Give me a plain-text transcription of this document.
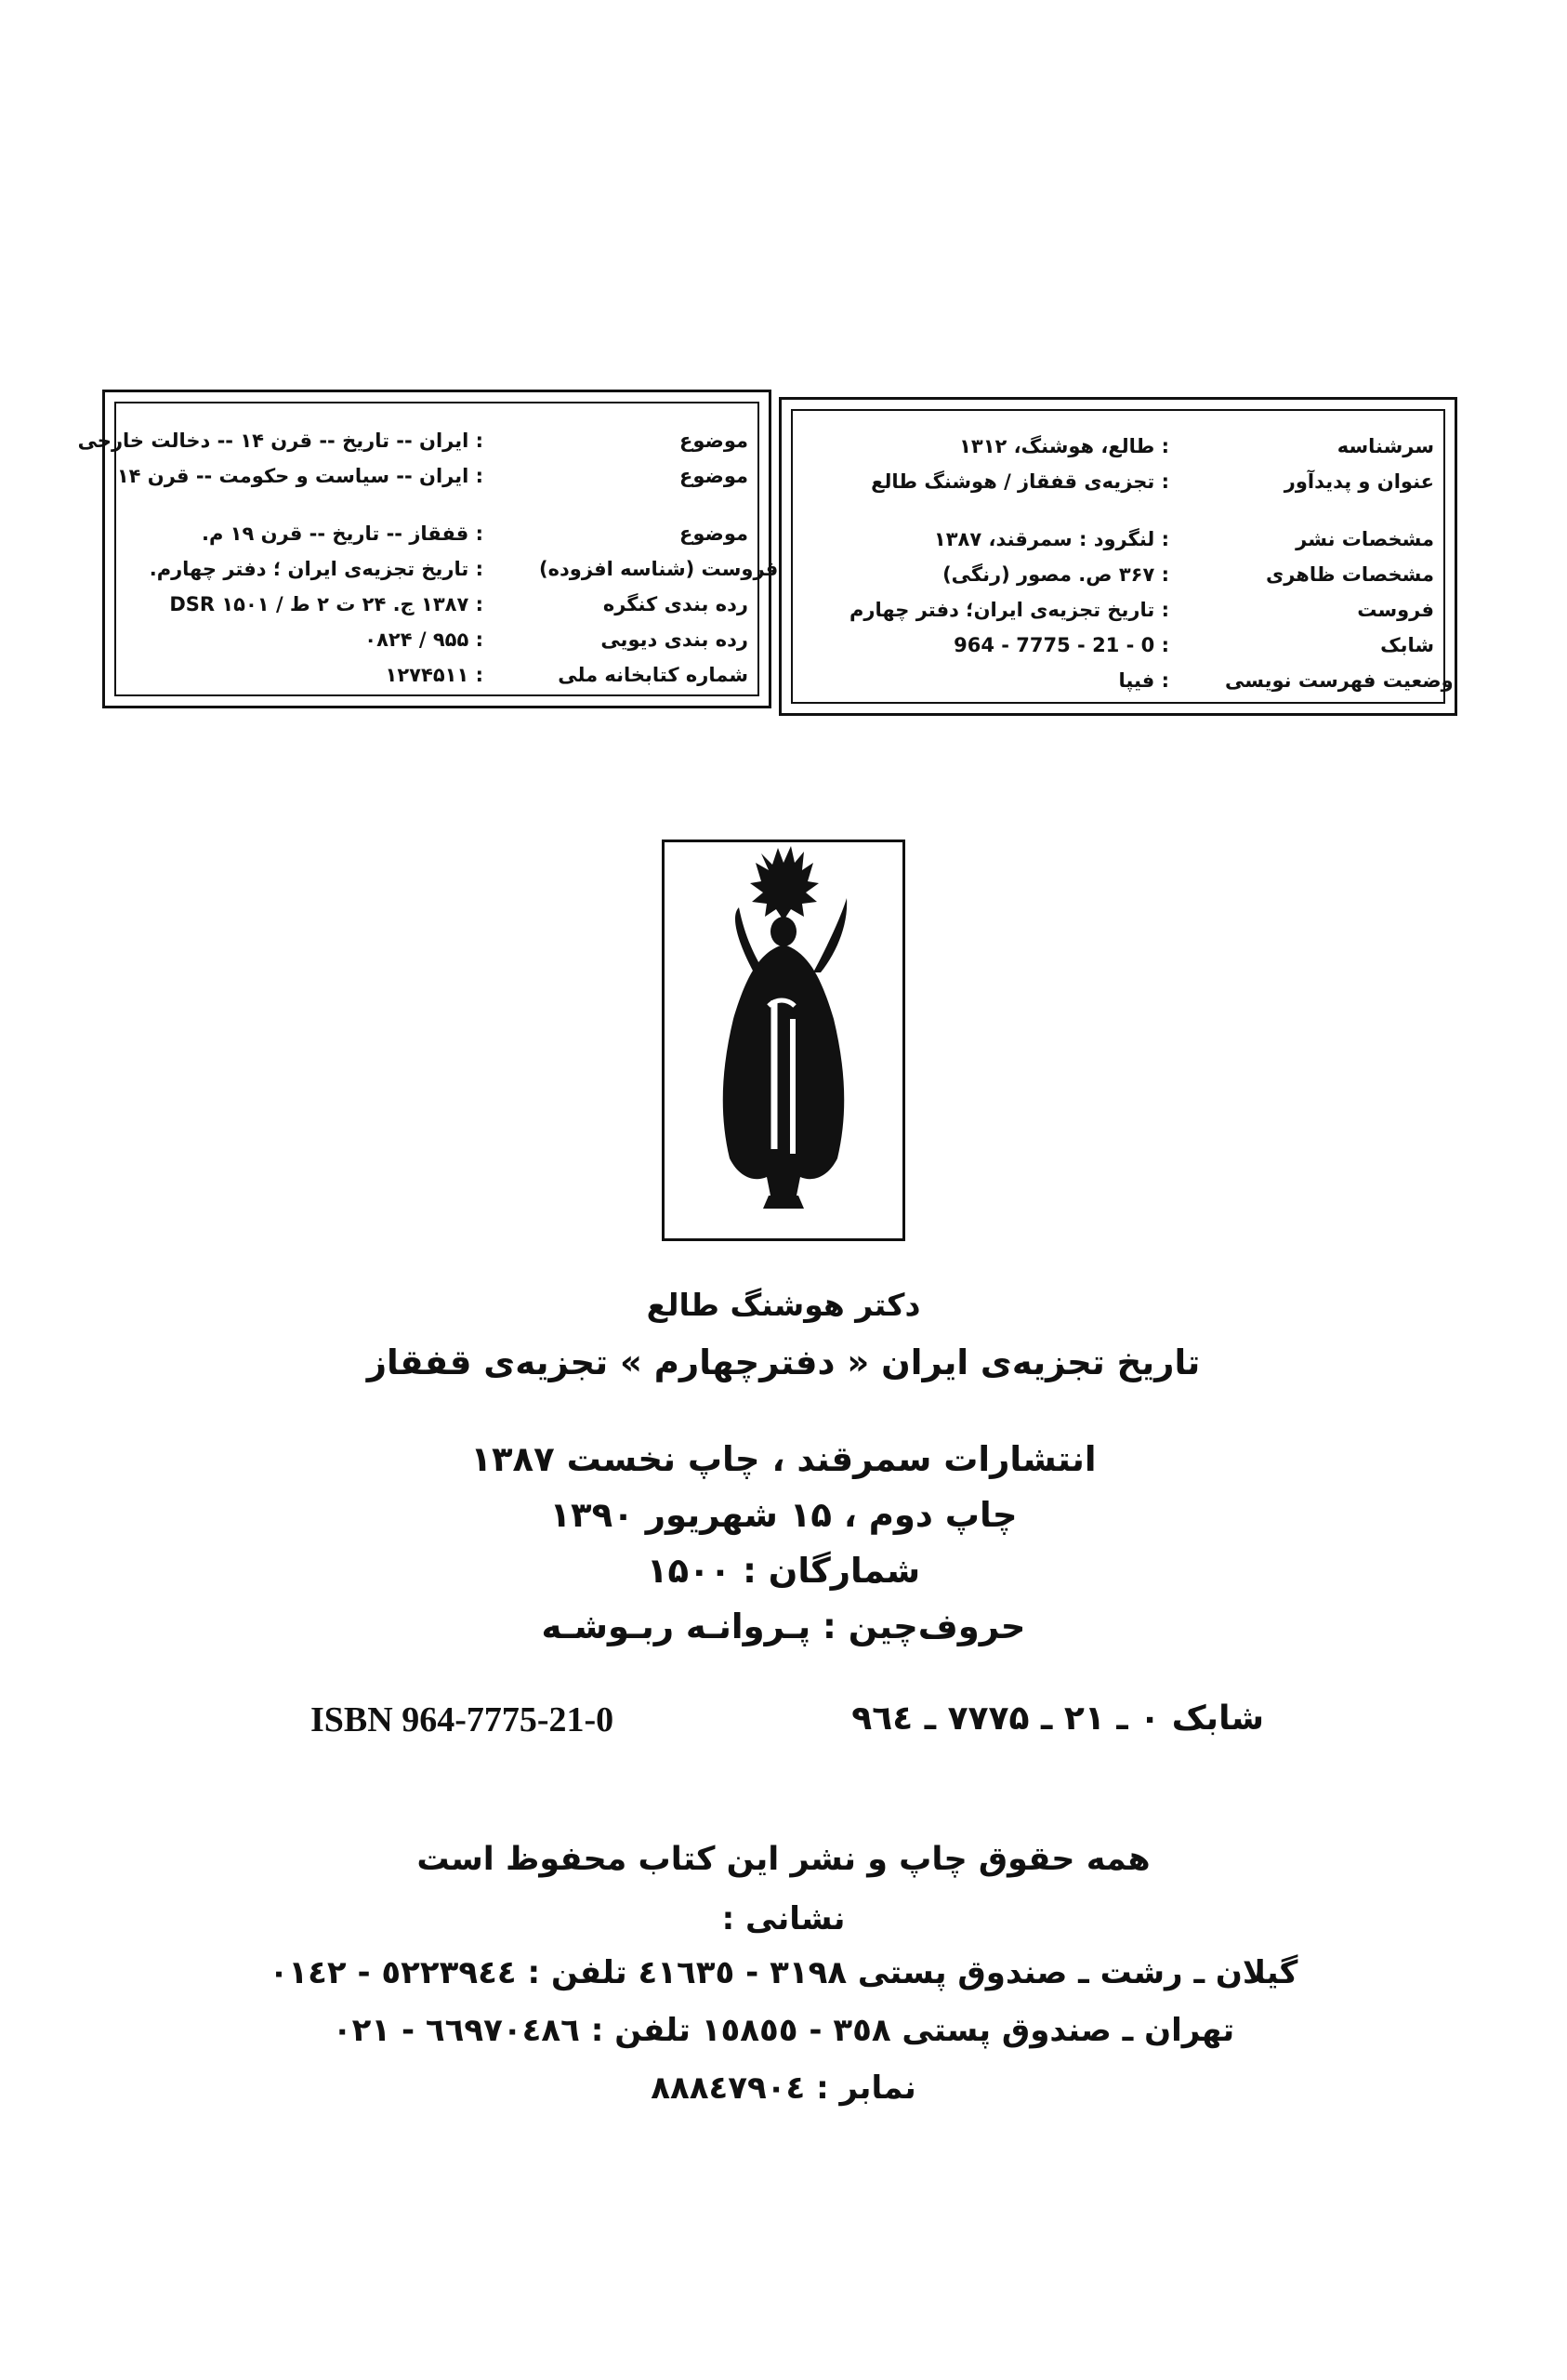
سرشناسه
: طالع، هوشنگ، ۱۳۱۲
عنوان و پدیدآور
: تجزیه‌ی قفقاز / هوشنگ طالع
مشخصات نشر
: لنگرود : سمرقند، ۱۳۸۷
مشخصات ظاهری
: ۳۶۷ ص. مصور (رنگی)
فروست
: تاریخ تجزیه‌ی ایران؛ دفتر چهارم
شابک
: 0 - 21 - 7775 - 964
وضعیت فهرست نویسی
: فیپا
موضوع
: ایران -- تاریخ -- قرن ۱۴ -- دخالت خارجی
موضوع
: ایران -- سیاست و حکومت -- قرن ۱۴
موضوع
: قفقاز -- تاریخ -- قرن ۱۹ م.
فروست (شناسه افزوده)
: تاریخ تجزیه‌ی ایران ؛ دفتر چهارم.
رده بندی کنگره
: ۱۳۸۷ ج. ۲۴ ت ۲ ط / ۱۵۰۱ DSR
رده بندی دیویی
: ۹۵۵ / ۰۸۲۴
شماره کتابخانه ملی
: ۱۲۷۴۵۱۱
دکتر هوشنگ طالع
تاریخ تجزیه‌ی ایران « دفترچهارم » تجزیه‌ی قفقاز
انتشارات سمرقند ، چاپ نخست ۱۳۸۷
چاپ دوم ، ۱۵ شهریور ۱۳۹۰
شمارگان : ۱۵۰۰
حروف‌چین : پـروانـه ربـوشـه
ISBN 964-7775-21-0	شابک ۰ ـ ۲۱ ـ ۷۷۷۵ ـ ۹٦٤
همه حقوق چاپ و نشر این کتاب محفوظ است
نشانی :
گیلان ـ رشت ـ صندوق پستی ۳۱۹۸ - ٤۱٦۳٥ تلفن : ٥۲۲۳۹٤٤ - ۰۱٤۲
تهران ـ صندوق پستی ۳٥۸ - ۱٥۸٥٥ تلفن : ٦٦۹۷۰٤۸٦ - ۰۲۱
نمابر : ۸۸۸٤۷۹۰٤
